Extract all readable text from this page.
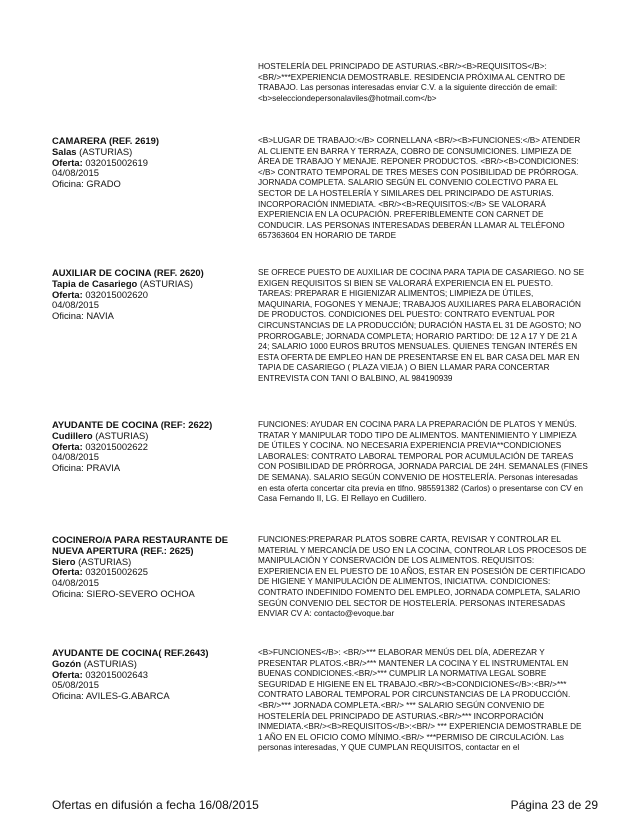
HOSTELERÍA DEL PRINCIPADO DE ASTURIAS.<BR/><B>REQUISITOS</B>: <BR/>***EXPERIENCIA DEMOSTRABLE. RESIDENCIA PRÓXIMA AL CENTRO DE TRABAJO. Las personas interesadas enviar C.V. a la siguiente dirección de email: <b>selecciondepersonalaviles@hotmail.com</b>
CAMARERA (REF. 2619)
Salas (ASTURIAS)
Oferta: 032015002619
04/08/2015
Oficina: GRADO
<B>LUGAR DE TRABAJO:</B> CORNELLANA <BR/><B>FUNCIONES:</B> ATENDER AL CLIENTE EN BARRA Y TERRAZA, COBRO DE CONSUMICIONES. LIMPIEZA DE ÁREA DE TRABAJO Y MENAJE. REPONER PRODUCTOS. <BR/><B>CONDICIONES:</B> CONTRATO TEMPORAL DE TRES MESES CON POSIBILIDAD DE PRÓRROGA. JORNADA COMPLETA. SALARIO SEGÚN EL CONVENIO COLECTIVO PARA EL SECTOR DE LA HOSTELERÍA Y SIMILARES DEL PRINCIPADO DE ASTURIAS. INCORPORACIÓN INMEDIATA. <BR/><B>REQUISITOS:</B> SE VALORARÁ EXPERIENCIA EN LA OCUPACIÓN. PREFERIBLEMENTE CON CARNET DE CONDUCIR. LAS PERSONAS INTERESADAS DEBERÁN LLAMAR AL TELÉFONO 657363604 EN HORARIO DE TARDE
AUXILIAR DE COCINA (REF. 2620)
Tapia de Casariego (ASTURIAS)
Oferta: 032015002620
04/08/2015
Oficina: NAVIA
SE OFRECE PUESTO DE AUXILIAR DE COCINA PARA TAPIA DE CASARIEGO. NO SE EXIGEN REQUISITOS SI BIEN SE VALORARÁ EXPERIENCIA EN EL PUESTO. TAREAS: PREPARAR E HIGIENIZAR ALIMENTOS; LIMPIEZA DE ÚTILES, MAQUINARIA, FOGONES Y MENAJE; TRABAJOS AUXILIARES PARA ELABORACIÓN DE PRODUCTOS. CONDICIONES DEL PUESTO: CONTRATO EVENTUAL POR CIRCUNSTANCIAS DE LA PRODUCCIÓN; DURACIÓN HASTA EL 31 DE AGOSTO; NO PRORROGABLE; JORNADA COMPLETA; HORARIO PARTIDO: DE 12 A 17 Y DE 21 A 24; SALARIO 1000 EUROS BRUTOS MENSUALES. QUIENES TENGAN INTERÉS EN ESTA OFERTA DE EMPLEO HAN DE PRESENTARSE EN EL BAR CASA DEL MAR EN TAPIA DE CASARIEGO ( PLAZA VIEJA ) O BIEN LLAMAR PARA CONCERTAR ENTREVISTA CON TANI O BALBINO, AL 984190939
AYUDANTE DE COCINA (REF: 2622)
Cudillero (ASTURIAS)
Oferta: 032015002622
04/08/2015
Oficina: PRAVIA
FUNCIONES: AYUDAR EN COCINA PARA LA PREPARACIÓN DE PLATOS Y MENÚS. TRATAR Y MANIPULAR TODO TIPO DE ALIMENTOS. MANTENIMIENTO Y LIMPIEZA DE ÚTILES Y COCINA. NO NECESARIA EXPERIENCIA PREVIA**CONDICIONES LABORALES: CONTRATO LABORAL TEMPORAL POR ACUMULACIÓN DE TAREAS CON POSIBILIDAD DE PRÓRROGA, JORNADA PARCIAL DE 24H. SEMANALES (FINES DE SEMANA). SALARIO SEGÚN CONVENIO DE HOSTELERÍA. Personas interesadas en esta oferta concertar cita previa en tlfno. 985591382 (Carlos) o presentarse con CV en Casa Fernando II, LG. El Rellayo en Cudillero.
COCINERO/A PARA RESTAURANTE DE NUEVA APERTURA (REF.: 2625)
Siero (ASTURIAS)
Oferta: 032015002625
04/08/2015
Oficina: SIERO-SEVERO OCHOA
FUNCIONES:PREPARAR PLATOS SOBRE CARTA, REVISAR Y CONTROLAR EL MATERIAL Y MERCANCÍA DE USO EN LA COCINA, CONTROLAR LOS PROCESOS DE MANIPULACIÓN Y CONSERVACIÓN DE LOS ALIMENTOS. REQUISITOS: EXPERIENCIA EN EL PUESTO DE 10 AÑOS, ESTAR EN POSESIÓN DE CERTIFICADO DE HIGIENE Y MANIPULACIÓN DE ALIMENTOS, INICIATIVA. CONDICIONES: CONTRATO INDEFINIDO FOMENTO DEL EMPLEO, JORNADA COMPLETA, SALARIO SEGÚN CONVENIO DEL SECTOR DE HOSTELERÍA. PERSONAS INTERESADAS ENVIAR CV A: contacto@evoque.bar
AYUDANTE DE COCINA( REF.2643)
Gozón (ASTURIAS)
Oferta: 032015002643
05/08/2015
Oficina: AVILES-G.ABARCA
<B>FUNCIONES</B>: <BR/>*** ELABORAR MENÚS DEL DÍA, ADEREZAR Y PRESENTAR PLATOS.<BR/>*** MANTENER LA COCINA Y EL INSTRUMENTAL EN BUENAS CONDICIONES.<BR/>*** CUMPLIR LA NORMATIVA LEGAL SOBRE SEGURIDAD E HIGIENE EN EL TRABAJO.<BR/><B>CONDICIONES</B>:<BR/>*** CONTRATO LABORAL TEMPORAL POR CIRCUNSTANCIAS DE LA PRODUCCIÓN.<BR/>*** JORNADA COMPLETA.<BR/> *** SALARIO SEGÚN CONVENIO DE HOSTELERÍA DEL PRINCIPADO DE ASTURIAS.<BR/>*** INCORPORACIÓN INMEDIATA.<BR/><B>REQUISITOS</B>:<BR/> *** EXPERIENCIA DEMOSTRABLE DE 1 AÑO EN EL OFICIO COMO MÍNIMO.<BR/> ***PERMISO DE CIRCULACIÓN. Las personas interesadas, Y QUE CUMPLAN REQUISITOS, contactar en el
Ofertas en difusión a fecha 16/08/2015	Página 23 de 29
